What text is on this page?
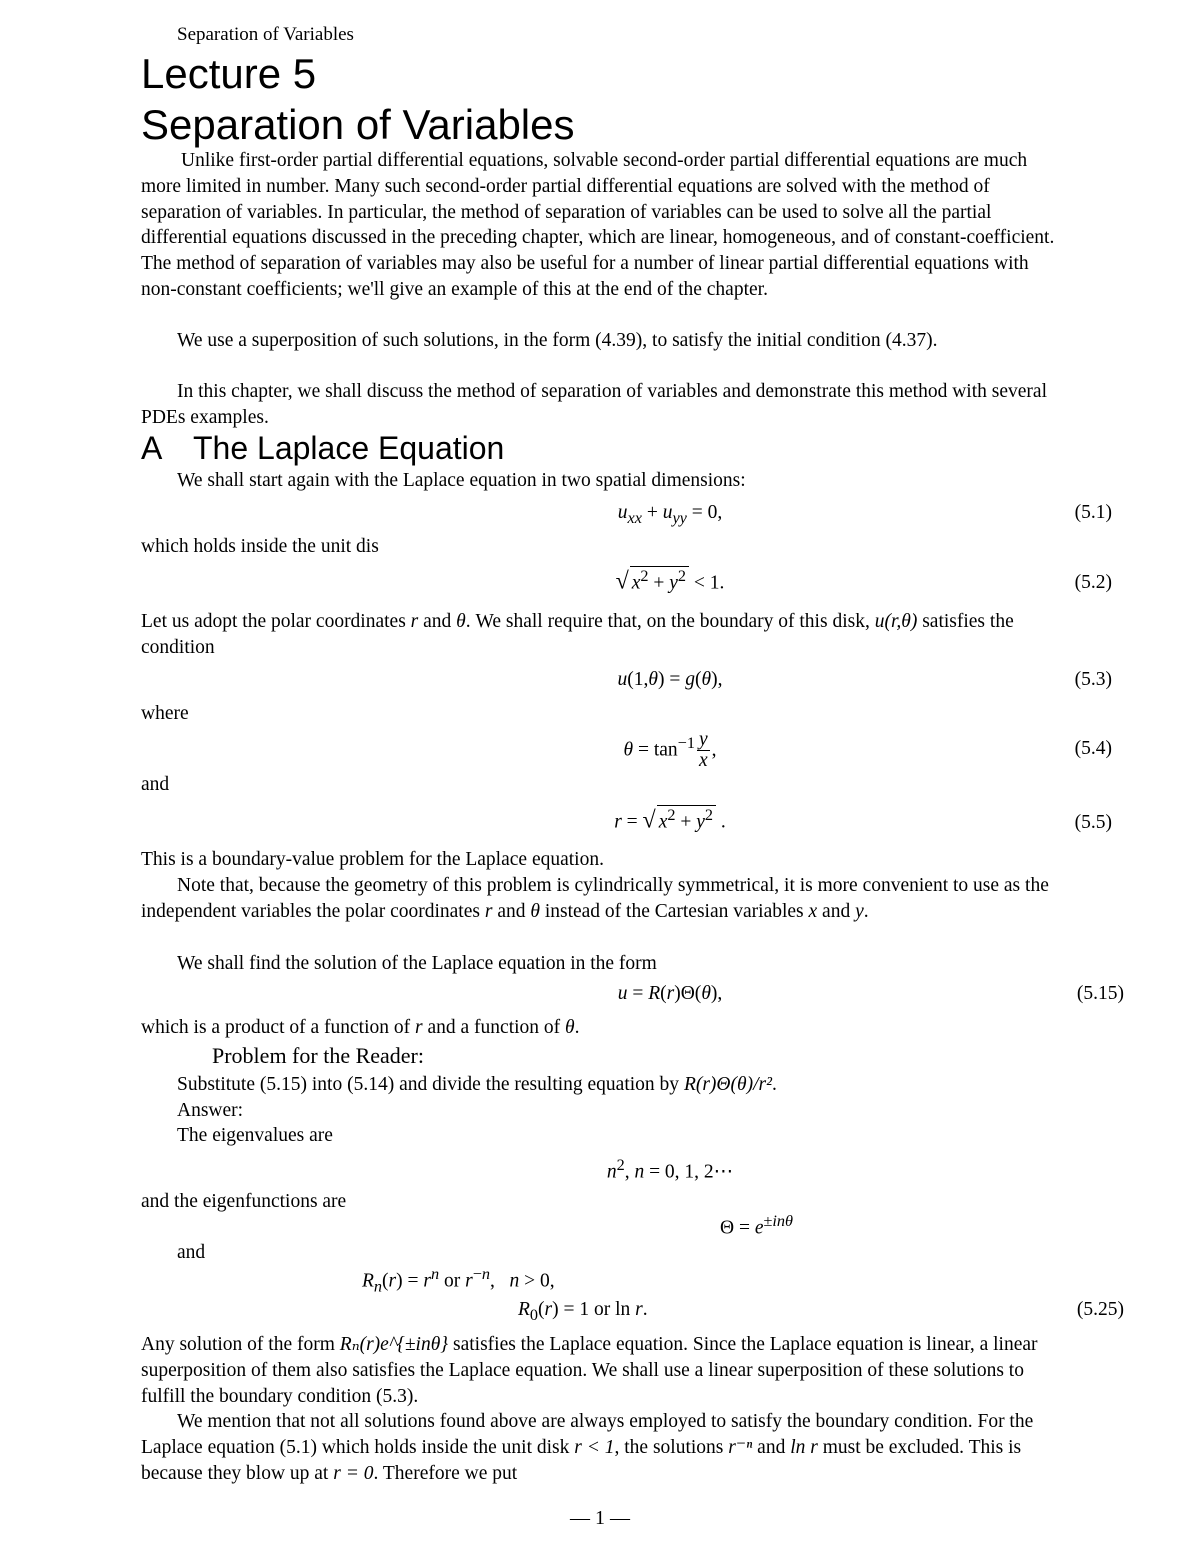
Separation of Variables
Lecture 5
Separation of Variables
Unlike first-order partial differential equations, solvable second-order partial differential equations are much more limited in number. Many such second-order partial differential equations are solved with the method of separation of variables. In particular, the method of separation of variables can be used to solve all the partial differential equations discussed in the preceding chapter, which are linear, homogeneous, and of constant-coefficient. The method of separation of variables may also be useful for a number of linear partial differential equations with non-constant coefficients; we'll give an example of this at the end of the chapter.
We use a superposition of such solutions, in the form (4.39), to satisfy the initial condition (4.37).
In this chapter, we shall discuss the method of separation of variables and demonstrate this method with several PDEs examples.
A The Laplace Equation
We shall start again with the Laplace equation in two spatial dimensions:
$u_{xx} + u_{yy} = 0$,	(5.1)
which holds inside the unit dis
√ $x^2 + y^2 < 1$.	(5.2)
Let us adopt the polar coordinates r and θ. We shall require that, on the boundary of this disk, u(r,θ) satisfies the condition
u(1,θ) = g(θ),	(5.3)
where
$\theta = \tan^{-1} \frac{y}{x}$ ,	(5.4)
and
r = √ $x^2 + y^2$ .	(5.5)
This is a boundary-value problem for the Laplace equation.
Note that, because the geometry of this problem is cylindrically symmetrical, it is more convenient to use as the independent variables the polar coordinates r and θ instead of the Cartesian variables x and y.
We shall find the solution of the Laplace equation in the form
u = R(r)Θ(θ),	(5.15)
which is a product of a function of r and a function of θ.
Problem for the Reader:
Substitute (5.15) into (5.14) and divide the resulting equation by R(r)Θ(θ)/r².
Answer:
The eigenvalues are
$n^2$, n = 0, 1, 2⋯
and the eigenfunctions are
$\Theta = e^{\pm in\theta}$
and
$R_n(r) = r^n$ or $r^{-n}$,   n > 0,
$R_0(r) = 1$ or ln r.	(5.25)
Any solution of the form Rₙ(r)e^{±inθ} satisfies the Laplace equation. Since the Laplace equation is linear, a linear superposition of them also satisfies the Laplace equation. We shall use a linear superposition of these solutions to fulfill the boundary condition (5.3).
We mention that not all solutions found above are always employed to satisfy the boundary condition. For the Laplace equation (5.1) which holds inside the unit disk r < 1, the solutions r⁻ⁿ and ln r must be excluded. This is because they blow up at r = 0. Therefore we put
— 1 —
